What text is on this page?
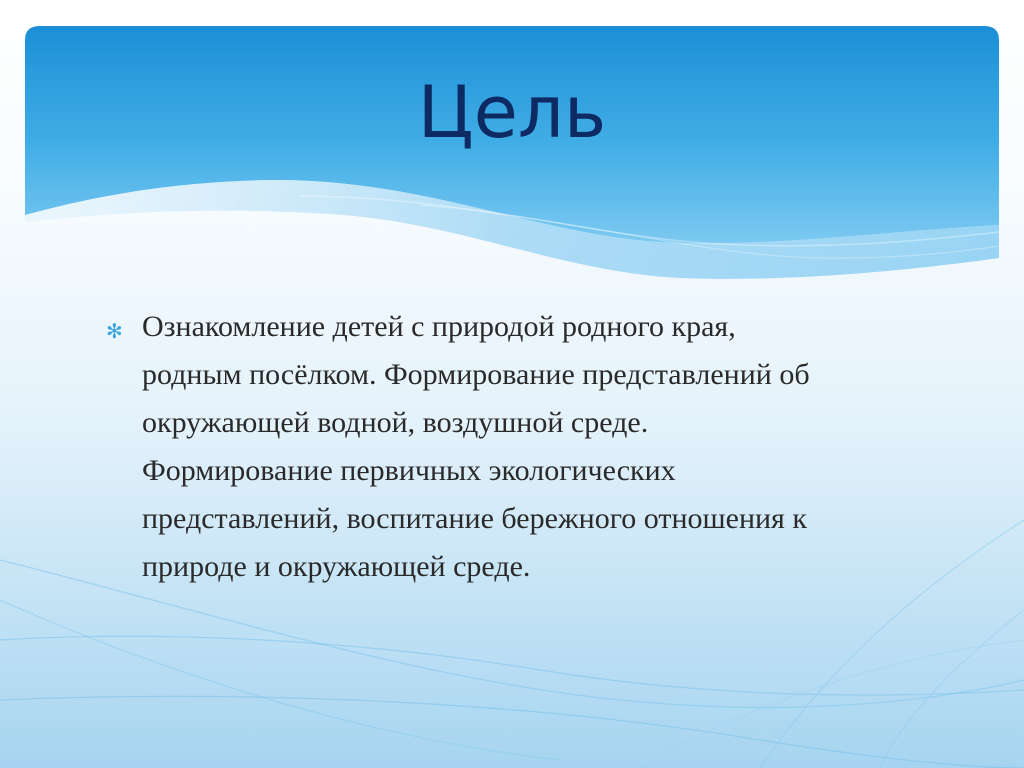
Цель
✻ Ознакомление детей с природой родного края,
родным посёлком. Формирование представлений об
окружающей водной, воздушной среде.
Формирование первичных экологических
представлений, воспитание бережного отношения к
природе и окружающей среде.
